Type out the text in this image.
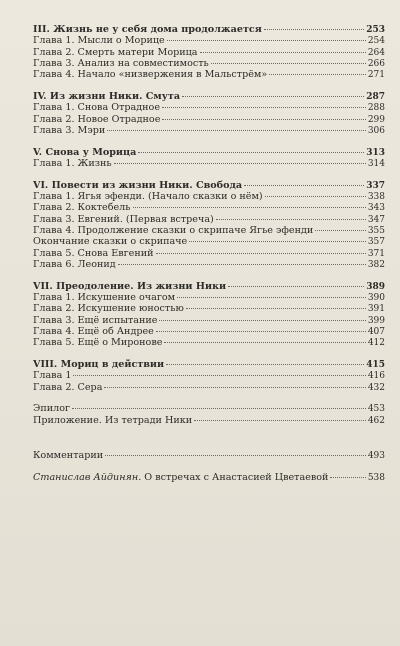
III. Жизнь не у себя дома продолжается	253
Глава 1. Мысли о Морице	254
Глава 2. Смерть матери Морица	264
Глава 3. Анализ на совместимость	266
Глава 4. Начало «низвержения в Мальстрём»	271
IV. Из жизни Ники. Смута	287
Глава 1. Снова Отрадное	288
Глава 2. Новое Отрадное	299
Глава 3. Мэри	306
V. Снова у Морица	313
Глава 1. Жизнь	314
VI. Повести из жизни Ники. Свобода	337
Глава 1. Ягья эфенди. (Начало сказки о нём)	338
Глава 2. Коктебель	343
Глава 3. Евгений. (Первая встреча)	347
Глава 4. Продолжение сказки о скрипаче Ягье эфенди	355
Окончание сказки о скрипаче	357
Глава 5. Снова Евгений	371
Глава 6. Леонид	382
VII. Преодоление. Из жизни Ники	389
Глава 1. Искушение очагом	390
Глава 2. Искушение юностью	391
Глава 3. Ещё испытание	399
Глава 4. Ещё об Андрее	407
Глава 5. Ещё о Миронове	412
VIII. Мориц в действии	415
Глава 1	416
Глава 2. Сера	432
Эпилог	453
Приложение. Из тетради Ники	462
Комментарии	493
Станислав Айдинян. О встречах с Анастасией Цветаевой	538
